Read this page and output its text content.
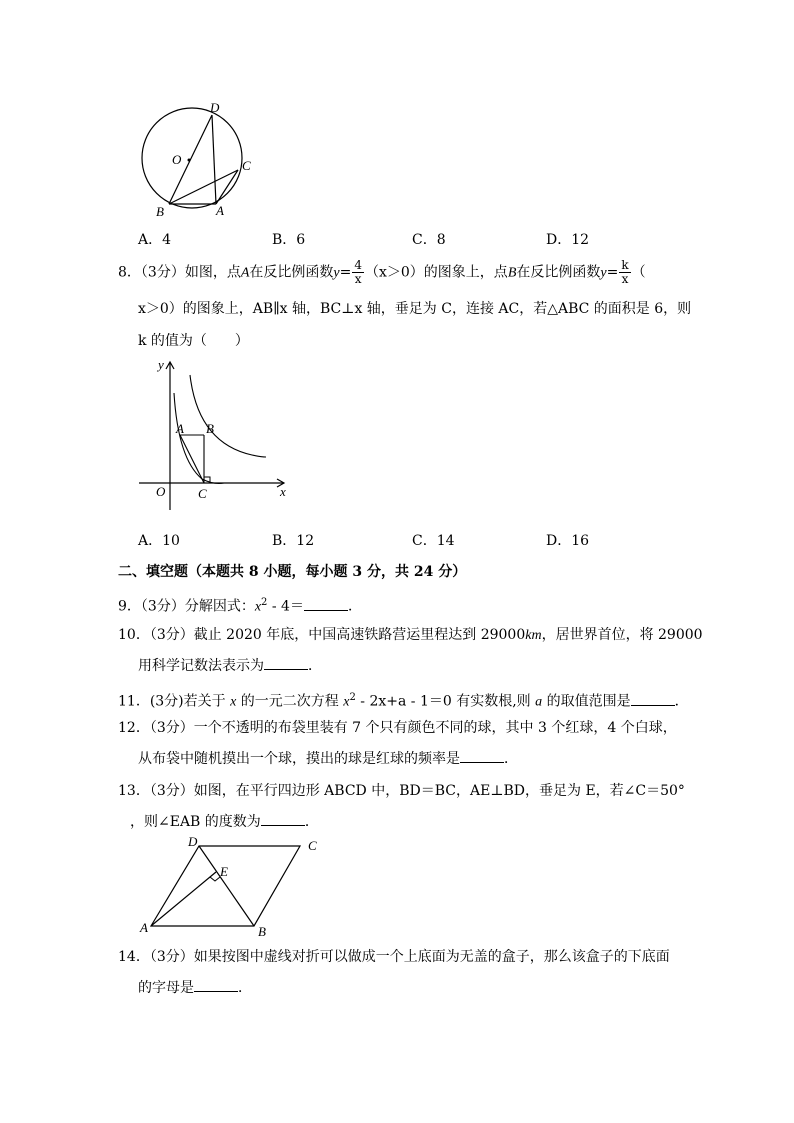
D
O	C
B	A
A．4	B．6	C．8	D．12
8．（3分）如图，点A在反比例函数$y= \frac{4}{x} (x>0)$的图象上，点B在反比例函数$y= \frac{k}{x}$ （
x＞0）的图象上，AB∥x 轴，BC⊥x 轴，垂足为 C，连接 AC，若△ABC 的面积是 6，则
k 的值为（　　）
y
A B
O	C	x
A．10	B．12	C．14	D．16
二、填空题（本题共 8 小题，每小题 3 分，共 24 分）
9．（3分）分解因式：$x^2 - 4=$	．
10．（3分）截止 2020 年底，中国高速铁路营运里程达到 29000km，居世界首位，将 29000
用科学记数法表示为	．
11．(3分)若关于 x 的一元二次方程 $x^2 - 2x+a - 1=0$ 有实数根,则 a 的取值范围是	．
12．（3分）一个不透明的布袋里装有 7 个只有颜色不同的球，其中 3 个红球，4 个白球，
从布袋中随机摸出一个球，摸出的球是红球的频率是	．
13．（3分）如图，在平行四边形 ABCD 中，BD＝BC，AE⊥BD，垂足为 E，若∠C＝50°
，则∠EAB 的度数为	．
D	C
E
A	B
14．（3分）如果按图中虚线对折可以做成一个上底面为无盖的盒子，那么该盒子的下底面
的字母是	．
